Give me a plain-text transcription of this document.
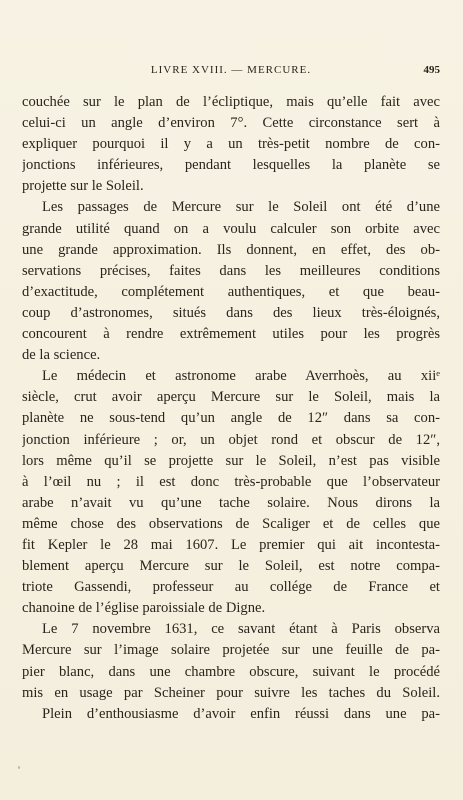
LIVRE XVIII. — MERCURE.	495
couchée sur le plan de l’écliptique, mais qu’elle fait avec
celui-ci un angle d’environ 7°. Cette circonstance sert à
expliquer pourquoi il y a un très-petit nombre de con-
jonctions inférieures, pendant lesquelles la planète se
projette sur le Soleil.
Les passages de Mercure sur le Soleil ont été d’une
grande utilité quand on a voulu calculer son orbite avec
une grande approximation. Ils donnent, en effet, des ob-
servations précises, faites dans les meilleures conditions
d’exactitude, complétement authentiques, et que beau-
coup d’astronomes, situés dans des lieux très-éloignés,
concourent à rendre extrêmement utiles pour les progrès
de la science.
Le médecin et astronome arabe Averrhoès, au xiiᵉ
siècle, crut avoir aperçu Mercure sur le Soleil, mais la
planète ne sous-tend qu’un angle de 12″ dans sa con-
jonction inférieure ; or, un objet rond et obscur de 12″,
lors même qu’il se projette sur le Soleil, n’est pas visible
à l’œil nu ; il est donc très-probable que l’observateur
arabe n’avait vu qu’une tache solaire. Nous dirons la
même chose des observations de Scaliger et de celles que
fit Kepler le 28 mai 1607. Le premier qui ait incontesta-
blement aperçu Mercure sur le Soleil, est notre compa-
triote Gassendi, professeur au collége de France et
chanoine de l’église paroissiale de Digne.
Le 7 novembre 1631, ce savant étant à Paris observa
Mercure sur l’image solaire projetée sur une feuille de pa-
pier blanc, dans une chambre obscure, suivant le procédé
mis en usage par Scheiner pour suivre les taches du Soleil.
Plein d’enthousiasme d’avoir enfin réussi dans une pa-
